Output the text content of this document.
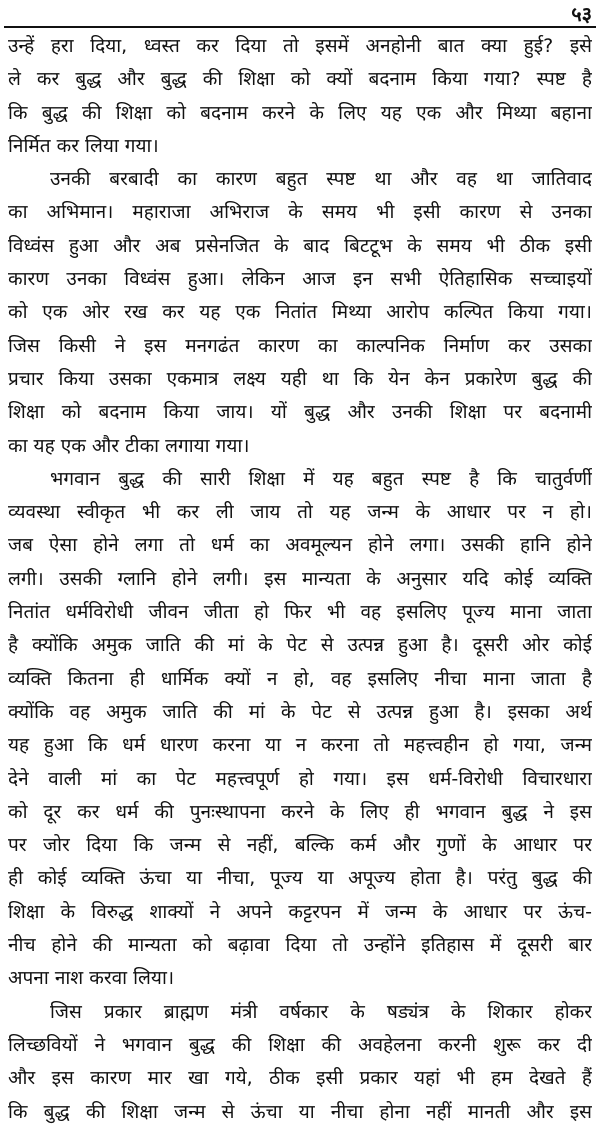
५३
उन्हें हरा दिया, ध्वस्त कर दिया तो इसमें अनहोनी बात क्या हुई? इसे
ले कर बुद्ध और बुद्ध की शिक्षा को क्यों बदनाम किया गया? स्पष्ट है
कि बुद्ध की शिक्षा को बदनाम करने के लिए यह एक और मिथ्या बहाना
निर्मित कर लिया गया।
उनकी बरबादी का कारण बहुत स्पष्ट था और वह था जातिवाद
का अभिमान। महाराजा अभिराज के समय भी इसी कारण से उनका
विध्वंस हुआ और अब प्रसेनजित के बाद बिटटूभ के समय भी ठीक इसी
कारण उनका विध्वंस हुआ। लेकिन आज इन सभी ऐतिहासिक सच्चाइयों
को एक ओर रख कर यह एक नितांत मिथ्या आरोप कल्पित किया गया।
जिस किसी ने इस मनगढंत कारण का काल्पनिक निर्माण कर उसका
प्रचार किया उसका एकमात्र लक्ष्य यही था कि येन केन प्रकारेण बुद्ध की
शिक्षा को बदनाम किया जाय। यों बुद्ध और उनकी शिक्षा पर बदनामी
का यह एक और टीका लगाया गया।
भगवान बुद्ध की सारी शिक्षा में यह बहुत स्पष्ट है कि चातुर्वर्णी
व्यवस्था स्वीकृत भी कर ली जाय तो यह जन्म के आधार पर न हो।
जब ऐसा होने लगा तो धर्म का अवमूल्यन होने लगा। उसकी हानि होने
लगी। उसकी ग्लानि होने लगी। इस मान्यता के अनुसार यदि कोई व्यक्ति
नितांत धर्मविरोधी जीवन जीता हो फिर भी वह इसलिए पूज्य माना जाता
है क्योंकि अमुक जाति की मां के पेट से उत्पन्न हुआ है। दूसरी ओर कोई
व्यक्ति कितना ही धार्मिक क्यों न हो, वह इसलिए नीचा माना जाता है
क्योंकि वह अमुक जाति की मां के पेट से उत्पन्न हुआ है। इसका अर्थ
यह हुआ कि धर्म धारण करना या न करना तो महत्त्वहीन हो गया, जन्म
देने वाली मां का पेट महत्त्वपूर्ण हो गया। इस धर्म-विरोधी विचारधारा
को दूर कर धर्म की पुनःस्थापना करने के लिए ही भगवान बुद्ध ने इस
पर जोर दिया कि जन्म से नहीं, बल्कि कर्म और गुणों के आधार पर
ही कोई व्यक्ति ऊंचा या नीचा, पूज्य या अपूज्य होता है। परंतु बुद्ध की
शिक्षा के विरुद्ध शाक्यों ने अपने कट्टरपन में जन्म के आधार पर ऊंच-
नीच होने की मान्यता को बढ़ावा दिया तो उन्होंने इतिहास में दूसरी बार
अपना नाश करवा लिया।
जिस प्रकार ब्राह्मण मंत्री वर्षकार के षड्यंत्र के शिकार होकर
लिच्छवियों ने भगवान बुद्ध की शिक्षा की अवहेलना करनी शुरू कर दी
और इस कारण मार खा गये, ठीक इसी प्रकार यहां भी हम देखते हैं
कि बुद्ध की शिक्षा जन्म से ऊंचा या नीचा होना नहीं मानती और इस
